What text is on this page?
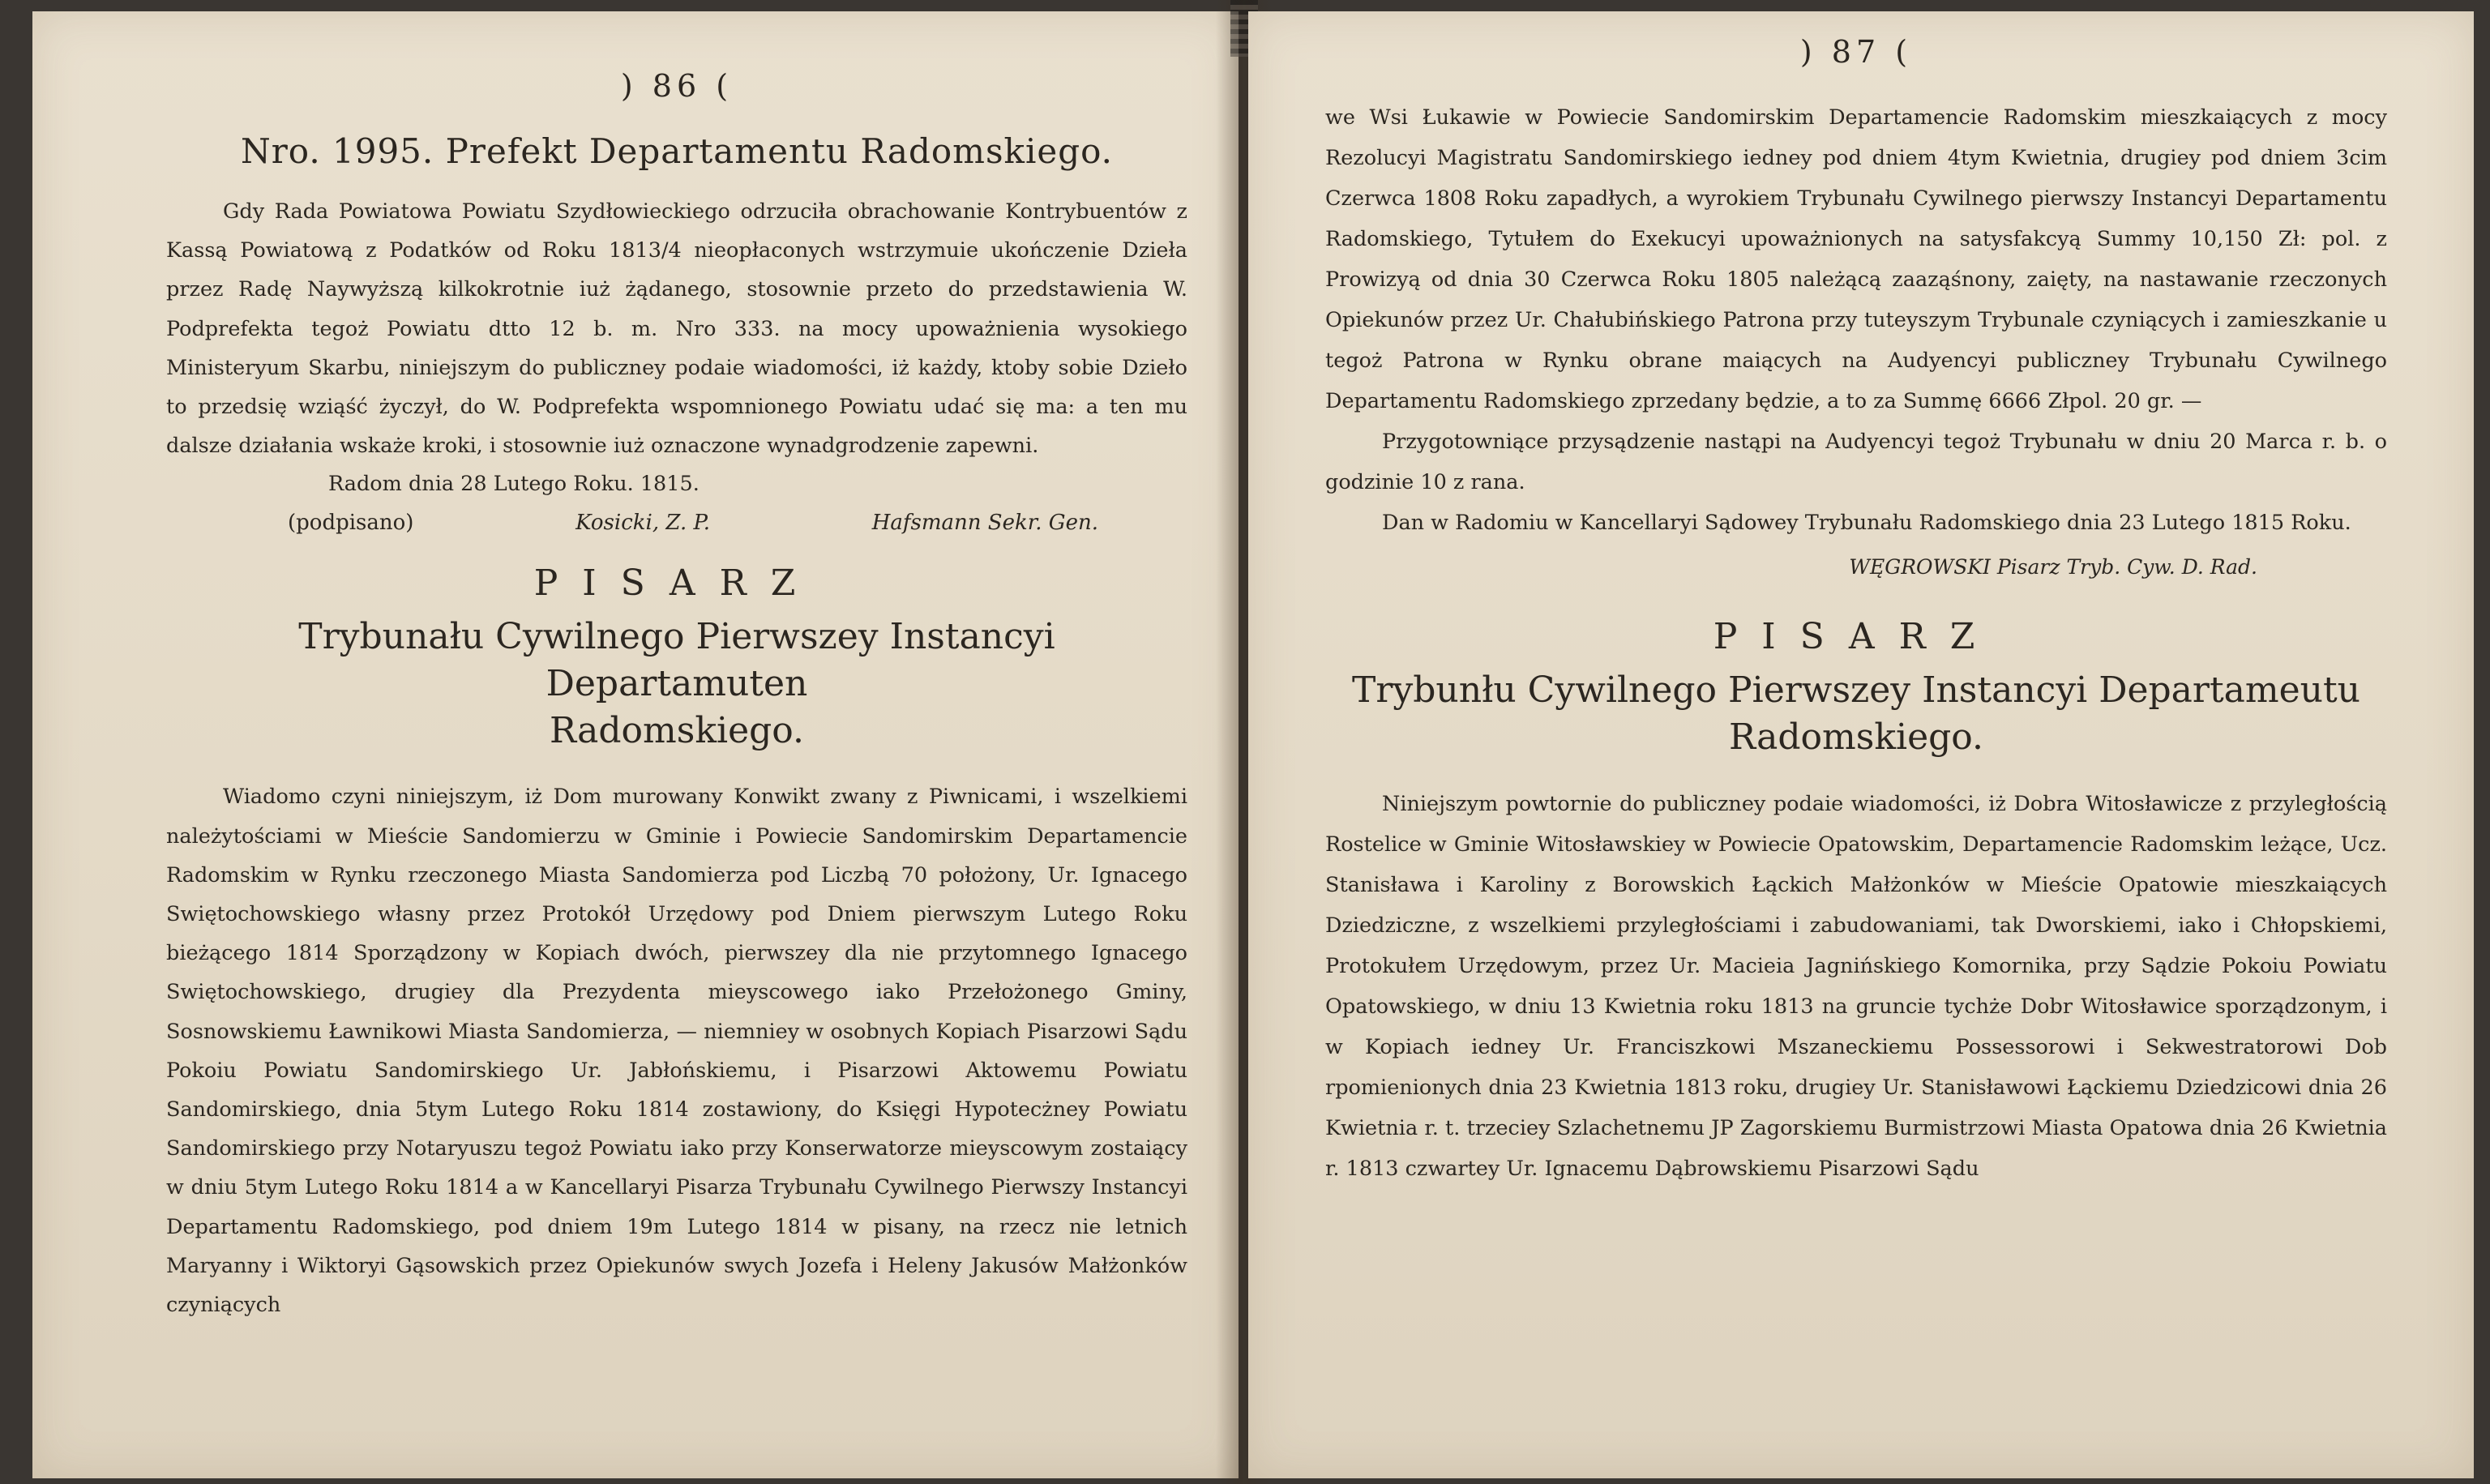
) 86 (
Nro. 1995. Prefekt Departamentu Radomskiego.

Gdy Rada Powiatowa Powiatu Szydłowieckiego odrzuciła obrachowanie Kontrybuentów z Kassą Powiatową z Podatków od Roku 1813/4 nieopłaconych wstrzymuie ukończenie Dzieła przez Radę Naywyższą kilkokrotnie iuż żądanego, stosownie przeto do przedstawienia W. Podprefekta tegoż Powiatu dtto 12 b. m. Nro 333. na mocy upoważnienia wysokiego Ministeryum Skarbu, niniejszym do publiczney podaie wiadomości, iż każdy, ktoby sobie Dzieło to przedsię wziąść życzył, do W. Podprefekta wspomnionego Powiatu udać się ma: a ten mu dalsze działania wskaże kroki, i stosownie iuż oznaczone wynadgrodzenie zapewni.

Radom dnia 28 Lutego Roku. 1815.

(podpisano)	Kosicki, Z. P.	Hafsmann Sekr. Gen.
PISARZ
Trybunału Cywilnego Pierwszey Instancyi Departamuten
Radomskiego.

Wiadomo czyni niniejszym, iż Dom murowany Konwikt zwany z Piwnicami, i wszelkiemi należytościami w Mieście Sandomierzu w Gminie i Powiecie Sandomirskim Departamencie Radomskim w Rynku rzeczonego Miasta Sandomierza pod Liczbą 70 położony, Ur. Ignacego Swiętochowskiego własny przez Protokół Urzędowy pod Dniem pierwszym Lutego Roku bieżącego 1814 Sporządzony w Kopiach dwóch, pierwszey dla nie przytomnego Ignacego Swiętochowskiego, drugiey dla Prezydenta mieyscowego iako Przełożonego Gminy, Sosnowskiemu Ławnikowi Miasta Sandomierza, — niemniey w osobnych Kopiach Pisarzowi Sądu Pokoiu Powiatu Sandomirskiego Ur. Jabłońskiemu, i Pisarzowi Aktowemu Powiatu Sandomirskiego, dnia 5tym Lutego Roku 1814 zostawiony, do Księgi Hypotecżney Powiatu Sandomirskiego przy Notaryuszu tegoż Powiatu iako przy Konserwatorze mieyscowym zostaiący w dniu 5tym Lutego Roku 1814 a w Kancellaryi Pisarza Trybunału Cywilnego Pierwszy Instancyi Departamentu Radomskiego, pod dniem 19m Lutego 1814 w pisany, na rzecz nie letnich Maryanny i Wiktoryi Gąsowskich przez Opiekunów swych Jozefa i Heleny Jakusów Małżonków czyniących

) 87 (

we Wsi Łukawie w Powiecie Sandomirskim Departamencie Radomskim mieszkaiących z mocy Rezolucyi Magistratu Sandomirskiego iedney pod dniem 4tym Kwietnia, drugiey pod dniem 3cim Czerwca 1808 Roku zapadłych, a wyrokiem Trybunału Cywilnego pierwszy Instancyi Departamentu Radomskiego, Tytułem do Exekucyi upoważnionych na satysfakcyą Summy 10,150 Zł: pol. z Prowizyą od dnia 30 Czerwca Roku 1805 należącą zaaząśnony, zaięty, na nastawanie rzeczonych Opiekunów przez Ur. Chałubińskiego Patrona przy tuteyszym Trybunale czyniących i zamieszkanie u tegoż Patrona w Rynku obrane maiących na Audyencyi publiczney Trybunału Cywilnego Departamentu Radomskiego zprzedany będzie, a to za Summę 6666 Złpol. 20 gr. —

Przygotowniące przysądzenie nastąpi na Audyencyi tegoż Trybunału w dniu 20 Marca r. b. o godzinie 10 z rana.

Dan w Radomiu w Kancellaryi Sądowey Trybunału Radomskiego dnia 23 Lutego 1815 Roku.

WĘGROWSKI Pisarz Tryb. Cyw. D. Rad.
PISARZ
Trybunłu Cywilnego Pierwszey Instancyi Departameutu
Radomskiego.

Niniejszym powtornie do publiczney podaie wiadomości, iż Dobra Witosławicze z przyległością Rostelice w Gminie Witosławskiey w Powiecie Opatowskim, Departamencie Radomskim leżące, Ucz. Stanisława i Karoliny z Borowskich Łąckich Małżonków w Mieście Opatowie mieszkaiących Dziedziczne, z wszelkiemi przyległościami i zabudowaniami, tak Dworskiemi, iako i Chłopskiemi, Protokułem Urzędowym, przez Ur. Macieia Jagnińskiego Komornika, przy Sądzie Pokoiu Powiatu Opatowskiego, w dniu 13 Kwietnia roku 1813 na gruncie tychże Dobr Witosławice sporządzonym, i w Kopiach iedney Ur. Franciszkowi Mszaneckiemu Possessorowi i Sekwestratorowi Dob rpomienionych dnia 23 Kwietnia 1813 roku, drugiey Ur. Stanisławowi Łąckiemu Dziedzicowi dnia 26 Kwietnia r. t. trzeciey Szlachetnemu JP Zagorskiemu Burmistrzowi Miasta Opatowa dnia 26 Kwietnia r. 1813 czwartey Ur. Ignacemu Dąbrowskiemu Pisarzowi Sądu
